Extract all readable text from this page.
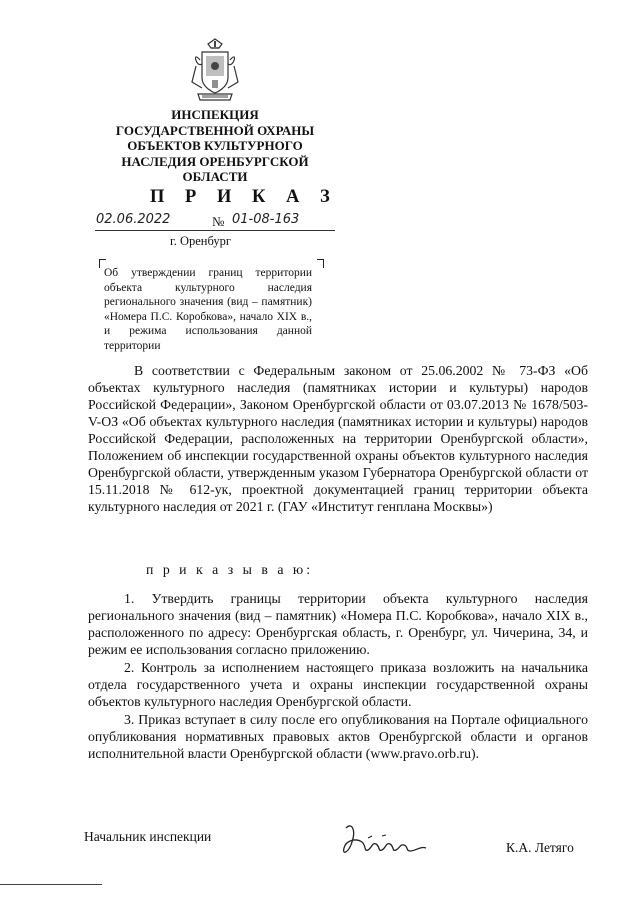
ИНСПЕКЦИЯ
ГОСУДАРСТВЕННОЙ ОХРАНЫ
ОБЪЕКТОВ КУЛЬТУРНОГО
НАСЛЕДИЯ ОРЕНБУРГСКОЙ
ОБЛАСТИ
П Р И К А З
02.06.2022	№ 01-08-163
г. Оренбург
Об утверждении границ территории объекта культурного наследия регионального значения (вид – памятник) «Номера П.С. Коробкова», начало XIX в., и режима использования данной территории
В соответствии с Федеральным законом от 25.06.2002 № 73-ФЗ «Об объектах культурного наследия (памятниках истории и культуры) народов Российской Федерации», Законом Оренбургской области от 03.07.2013 № 1678/503-V-ОЗ «Об объектах культурного наследия (памятниках истории и культуры) народов Российской Федерации, расположенных на территории Оренбургской области», Положением об инспекции государственной охраны объектов культурного наследия Оренбургской области, утвержденным указом Губернатора Оренбургской области от 15.11.2018 № 612-ук, проектной документацией границ территории объекта культурного наследия от 2021 г. (ГАУ «Институт генплана Москвы»)
п р и к а з ы в а ю:

1. Утвердить границы территории объекта культурного наследия регионального значения (вид – памятник) «Номера П.С. Коробкова», начало XIX в., расположенного по адресу: Оренбургская область, г. Оренбург, ул. Чичерина, 34, и режим ее использования согласно приложению.

2. Контроль за исполнением настоящего приказа возложить на начальника отдела государственного учета и охраны инспекции государственной охраны объектов культурного наследия Оренбургской области.

3. Приказ вступает в силу после его опубликования на Портале официального опубликования нормативных правовых актов Оренбургской области и органов исполнительной власти Оренбургской области (www.pravo.orb.ru).

Начальник инспекции
К.А. Летяго
